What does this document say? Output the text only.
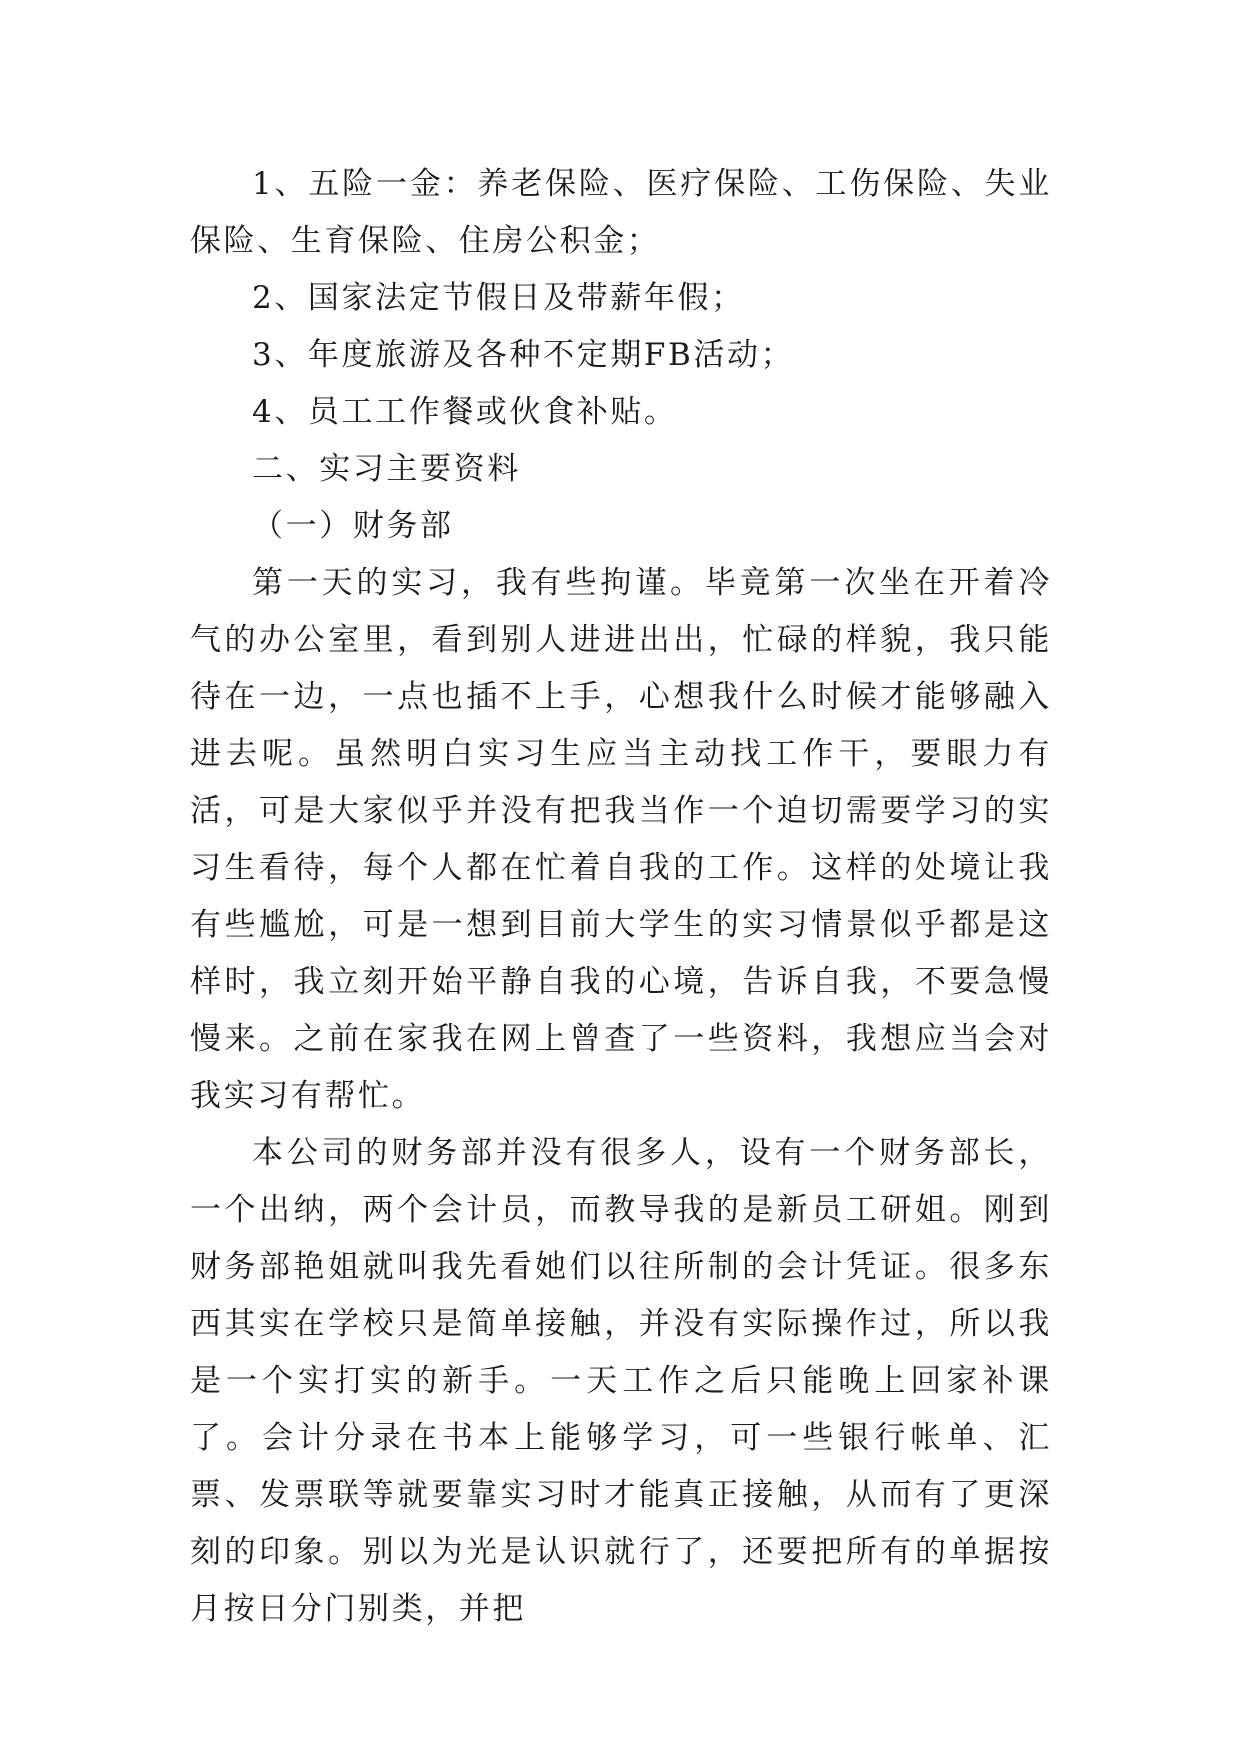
1、五险一金：养老保险、医疗保险、工伤保险、失业保险、生育保险、住房公积金；

2、国家法定节假日及带薪年假；

3、年度旅游及各种不定期FB活动；

4、员工工作餐或伙食补贴。

二、实习主要资料

（一）财务部

第一天的实习，我有些拘谨。毕竟第一次坐在开着冷气的办公室里，看到别人进进出出，忙碌的样貌，我只能待在一边，一点也插不上手，心想我什么时候才能够融入进去呢。虽然明白实习生应当主动找工作干，要眼力有活，可是大家似乎并没有把我当作一个迫切需要学习的实习生看待，每个人都在忙着自我的工作。这样的处境让我有些尴尬，可是一想到目前大学生的实习情景似乎都是这样时，我立刻开始平静自我的心境，告诉自我，不要急慢慢来。之前在家我在网上曾查了一些资料，我想应当会对我实习有帮忙。

本公司的财务部并没有很多人，设有一个财务部长，一个出纳，两个会计员，而教导我的是新员工研姐。刚到财务部艳姐就叫我先看她们以往所制的会计凭证。很多东西其实在学校只是简单接触，并没有实际操作过，所以我是一个实打实的新手。一天工作之后只能晚上回家补课了。会计分录在书本上能够学习，可一些银行帐单、汇票、发票联等就要靠实习时才能真正接触，从而有了更深刻的印象。别以为光是认识就行了，还要把所有的单据按月按日分门别类，并把
